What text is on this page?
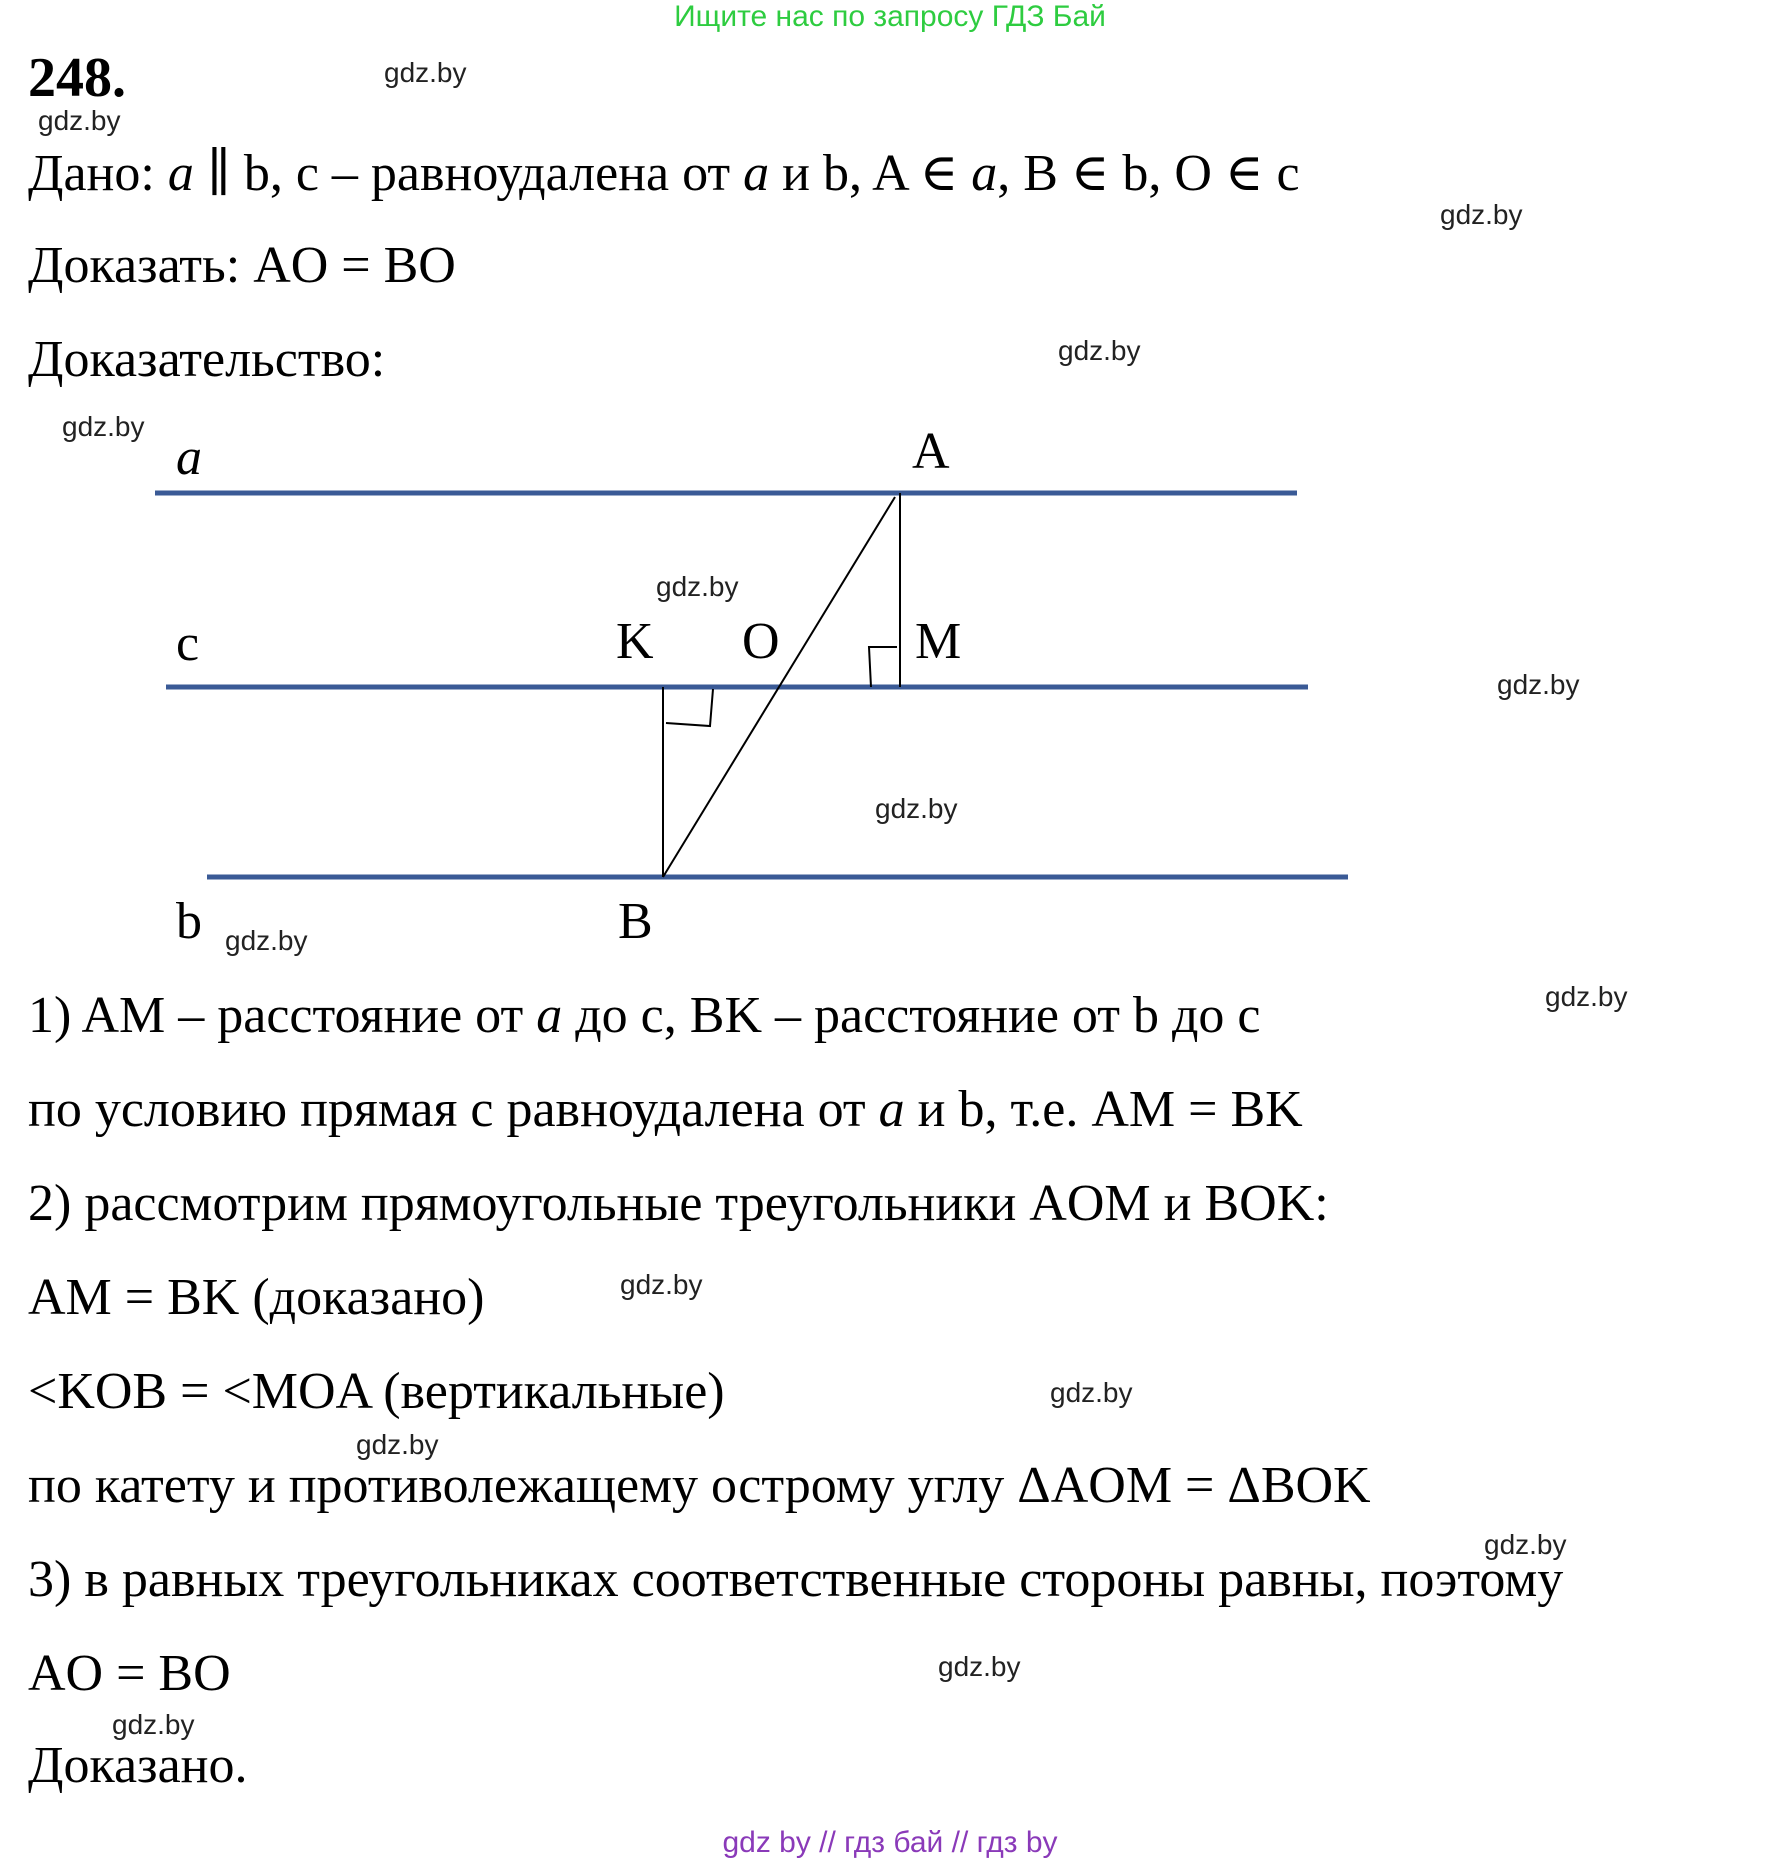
Ищите нас по запросу ГДЗ Бай
248.
Дано: a ∥ b, c – равноудалена от a и b, A ∈ a, B ∈ b, O ∈ c
Доказать: AO = BO
Доказательство:
a
c
b
A
K O	M
B
1) AM – расстояние от a до c, BK – расстояние от b до c
по условию прямая c равноудалена от a и b, т.е. AM = BK
2) рассмотрим прямоугольные треугольники AOM и BOK:
AM = BK (доказано)
<KOB = <MOA (вертикальные)
по катету и противолежащему острому углу ΔAOM = ΔBOK
3) в равных треугольниках соответственные стороны равны, поэтому
AO = BO
Доказано.
gdz.by
gdz.by
gdz.by
gdz.by
gdz.by
gdz.by
gdz.by
gdz.by
gdz.by
gdz.by
gdz.by
gdz.by
gdz.by
gdz.by
gdz.by
gdz.by
gdz by // гдз бай // гдз by
